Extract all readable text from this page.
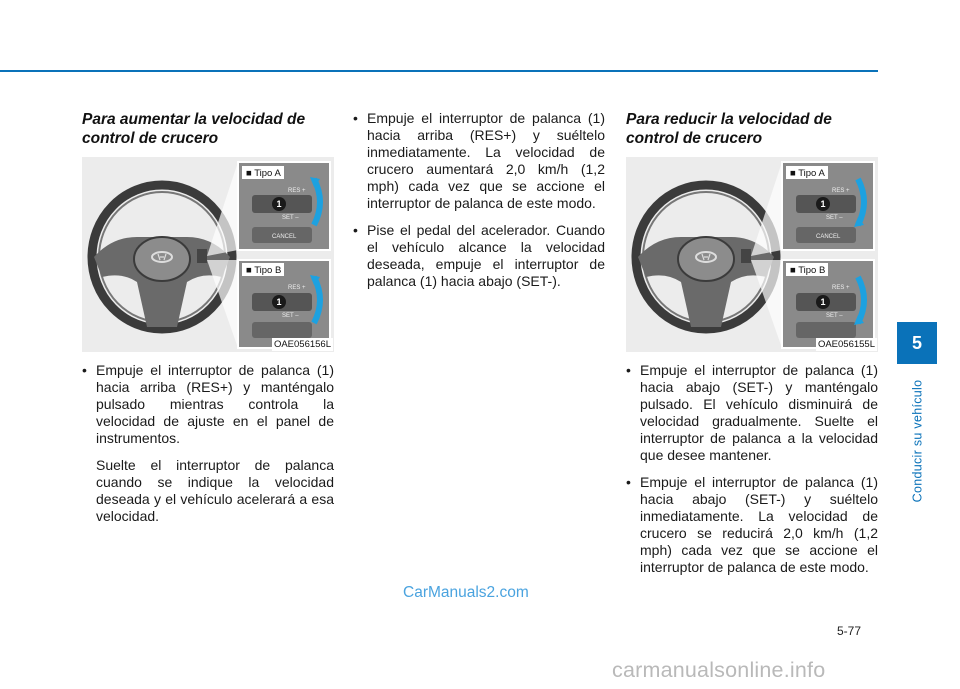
Para aumentar la velocidad de control de crucero

■ Tipo A
■ Tipo B
1
1
RES +
SET –
CANCEL
RES +
SET –
OAE056156L
• Empuje el interruptor de palanca (1) hacia arriba (RES+) y manténgalo pulsado mientras controla la velocidad de ajuste en el panel de instrumentos.
Suelte el interruptor de palanca cuando se indique la velocidad deseada y el vehículo acelerará a esa velocidad.
• Empuje el interruptor de palanca (1) hacia arriba (RES+) y suéltelo inmediatamente. La velocidad de crucero aumentará 2,0 km/h (1,2 mph) cada vez que se accione el interruptor de palanca de este modo.
• Pise el pedal del acelerador. Cuando el vehículo alcance la velocidad deseada, empuje el interruptor de palanca (1) hacia abajo (SET-).

Para reducir la velocidad de control de crucero

■ Tipo A
■ Tipo B
1
1
RES +
SET –
CANCEL
RES +
SET –
OAE056155L
• Empuje el interruptor de palanca (1) hacia abajo (SET-) y manténgalo pulsado. El vehículo disminuirá de velocidad gradualmente. Suelte el interruptor de palanca a la velocidad que desee mantener.
• Empuje el interruptor de palanca (1) hacia abajo (SET-) y suéltelo inmediatamente. La velocidad de crucero se reducirá 2,0 km/h (1,2 mph) cada vez que se accione el interruptor de palanca de este modo.
5
Conducir su vehículo
5-77
CarManuals2.com
carmanualsonline.info
